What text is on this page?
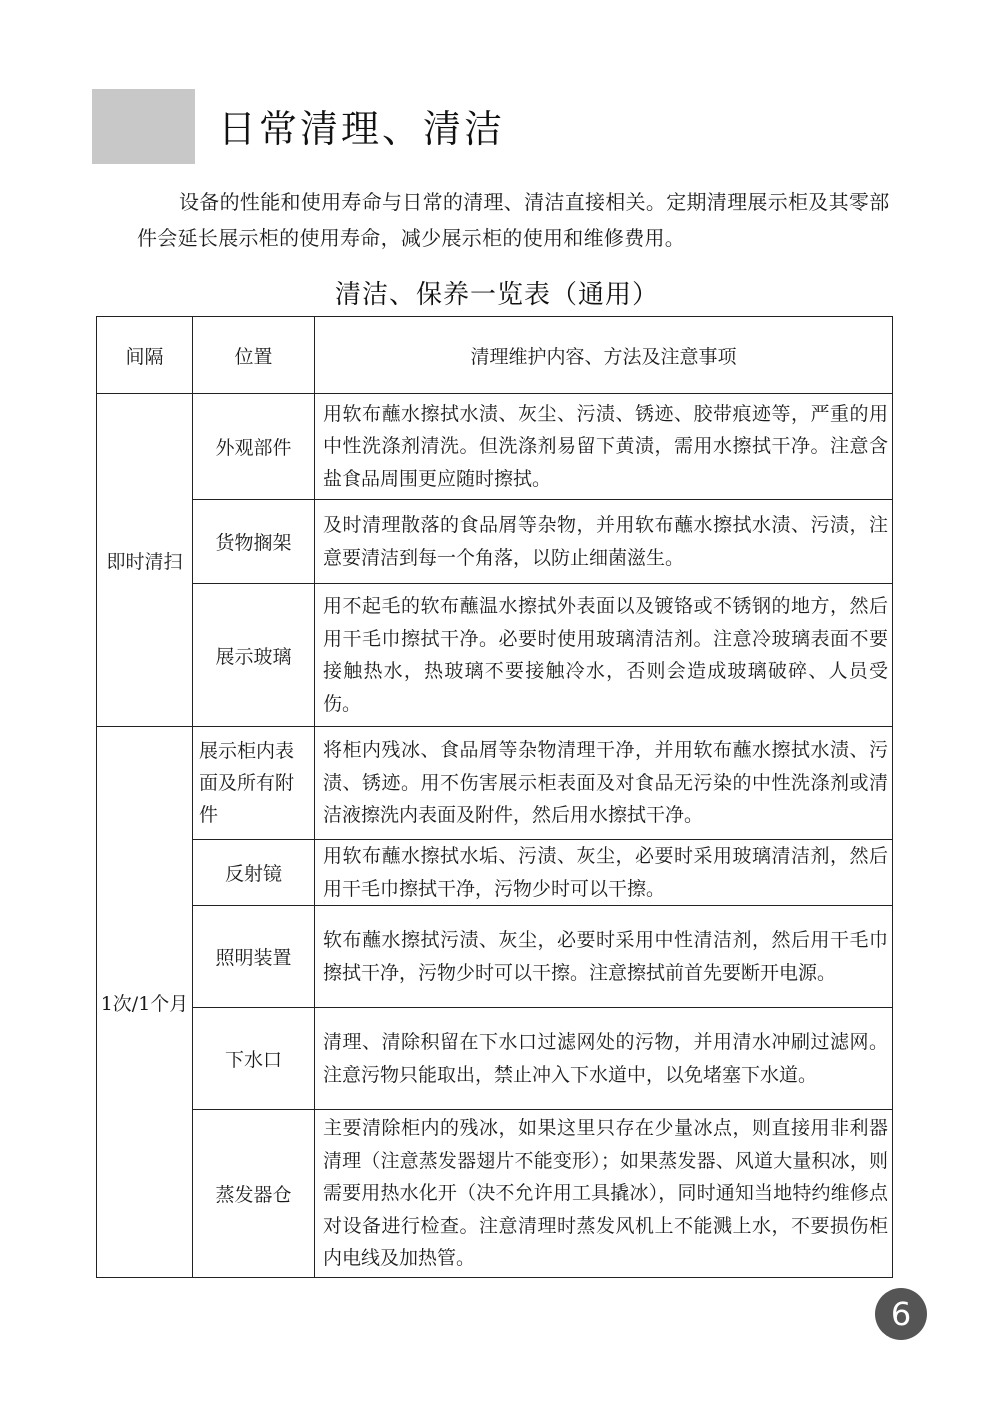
日常清理、清洁

设备的性能和使用寿命与日常的清理、清洁直接相关。定期清理展示柜及其零部件会延长展示柜的使用寿命，减少展示柜的使用和维修费用。

清洁、保养一览表（通用）
间隔	位置	清理维护内容、方法及注意事项
即时清扫	外观部件	用软布蘸水擦拭水渍、灰尘、污渍、锈迹、胶带痕迹等，严重的用中性洗涤剂清洗。但洗涤剂易留下黄渍，需用水擦拭干净。注意含盐食品周围更应随时擦拭。
	货物搁架	及时清理散落的食品屑等杂物，并用软布蘸水擦拭水渍、污渍，注意要清洁到每一个角落，以防止细菌滋生。
	展示玻璃	用不起毛的软布蘸温水擦拭外表面以及镀铬或不锈钢的地方，然后用干毛巾擦拭干净。必要时使用玻璃清洁剂。注意冷玻璃表面不要接触热水，热玻璃不要接触冷水，否则会造成玻璃破碎、人员受伤。
1次/1个月	展示柜内表面及所有附件	将柜内残冰、食品屑等杂物清理干净，并用软布蘸水擦拭水渍、污渍、锈迹。用不伤害展示柜表面及对食品无污染的中性洗涤剂或清洁液擦洗内表面及附件，然后用水擦拭干净。
	反射镜	用软布蘸水擦拭水垢、污渍、灰尘，必要时采用玻璃清洁剂，然后用干毛巾擦拭干净，污物少时可以干擦。
	照明装置	软布蘸水擦拭污渍、灰尘，必要时采用中性清洁剂，然后用干毛巾擦拭干净，污物少时可以干擦。注意擦拭前首先要断开电源。
	下水口	清理、清除积留在下水口过滤网处的污物，并用清水冲刷过滤网。注意污物只能取出，禁止冲入下水道中，以免堵塞下水道。
	蒸发器仓	主要清除柜内的残冰，如果这里只存在少量冰点，则直接用非利器清理（注意蒸发器翅片不能变形）；如果蒸发器、风道大量积冰，则需要用热水化开（决不允许用工具撬冰），同时通知当地特约维修点对设备进行检查。注意清理时蒸发风机上不能溅上水，不要损伤柜内电线及加热管。
6
